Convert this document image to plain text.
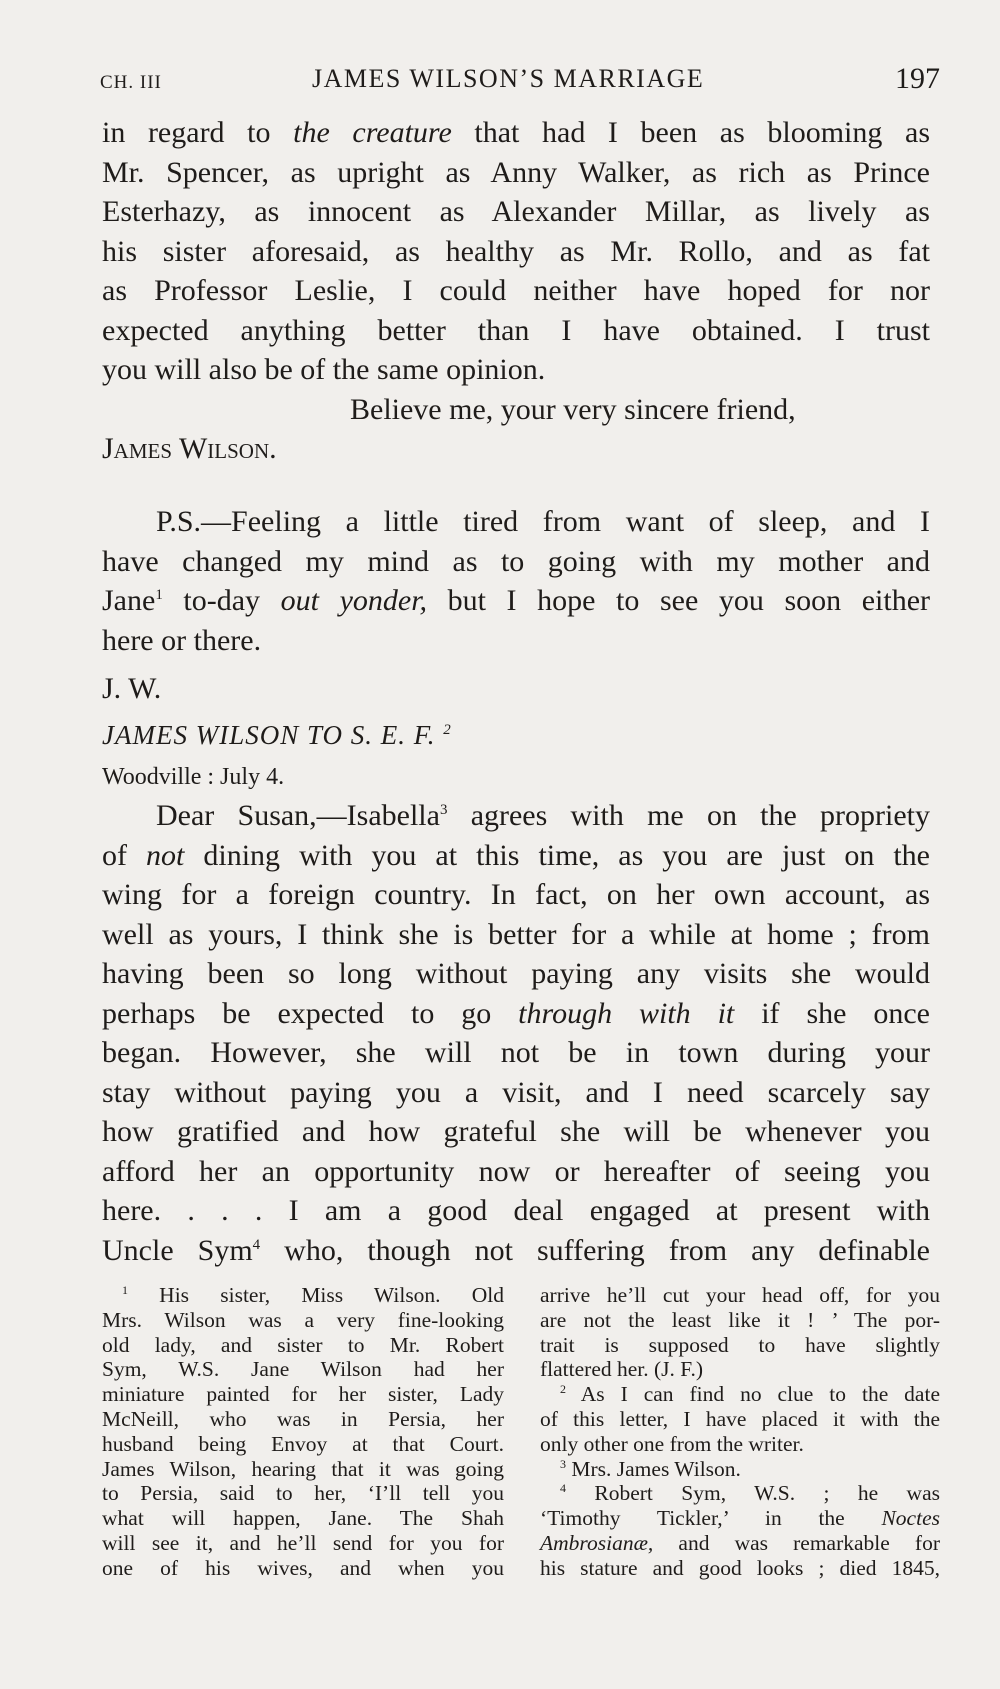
CH. III	JAMES WILSON’S MARRIAGE	197

in regard to the creature that had I been as blooming as

Mr. Spencer, as upright as Anny Walker, as rich as Prince

Esterhazy, as innocent as Alexander Millar, as lively as

his sister aforesaid, as healthy as Mr. Rollo, and as fat

as Professor Leslie, I could neither have hoped for nor

expected anything better than I have obtained. I trust

you will also be of the same opinion.

Believe me, your very sincere friend,

James Wilson.

P.S.—Feeling a little tired from want of sleep, and I

have changed my mind as to going with my mother and

Jane$^1$ to-day out yonder, but I hope to see you soon either

here or there.

J. W.

JAMES WILSON TO S. E. F. $^2$

Woodville : July 4.

Dear Susan,—Isabella$^3$ agrees with me on the propriety

of not dining with you at this time, as you are just on the

wing for a foreign country. In fact, on her own account, as

well as yours, I think she is better for a while at home ; from

having been so long without paying any visits she would

perhaps be expected to go through with it if she once

began. However, she will not be in town during your

stay without paying you a visit, and I need scarcely say

how gratified and how grateful she will be whenever you

afford her an opportunity now or hereafter of seeing you

here. . . . I am a good deal engaged at present with

Uncle Sym$^4$ who, though not suffering from any definable

$^1$ His sister, Miss Wilson. Old

Mrs. Wilson was a very fine-looking

old lady, and sister to Mr. Robert

Sym, W.S. Jane Wilson had her

miniature painted for her sister, Lady

McNeill, who was in Persia, her

husband being Envoy at that Court.

James Wilson, hearing that it was going

to Persia, said to her, ‘I’ll tell you

what will happen, Jane. The Shah

will see it, and he’ll send for you for

one of his wives, and when you

arrive he’ll cut your head off, for you

are not the least like it ! ’ The por-

trait is supposed to have slightly

flattered her. (J. F.)

$^2$ As I can find no clue to the date

of this letter, I have placed it with the

only other one from the writer.

$^3$ Mrs. James Wilson.

$^4$ Robert Sym, W.S. ; he was

‘Timothy Tickler,’ in the Noctes

Ambrosianæ, and was remarkable for

his stature and good looks ; died 1845,
